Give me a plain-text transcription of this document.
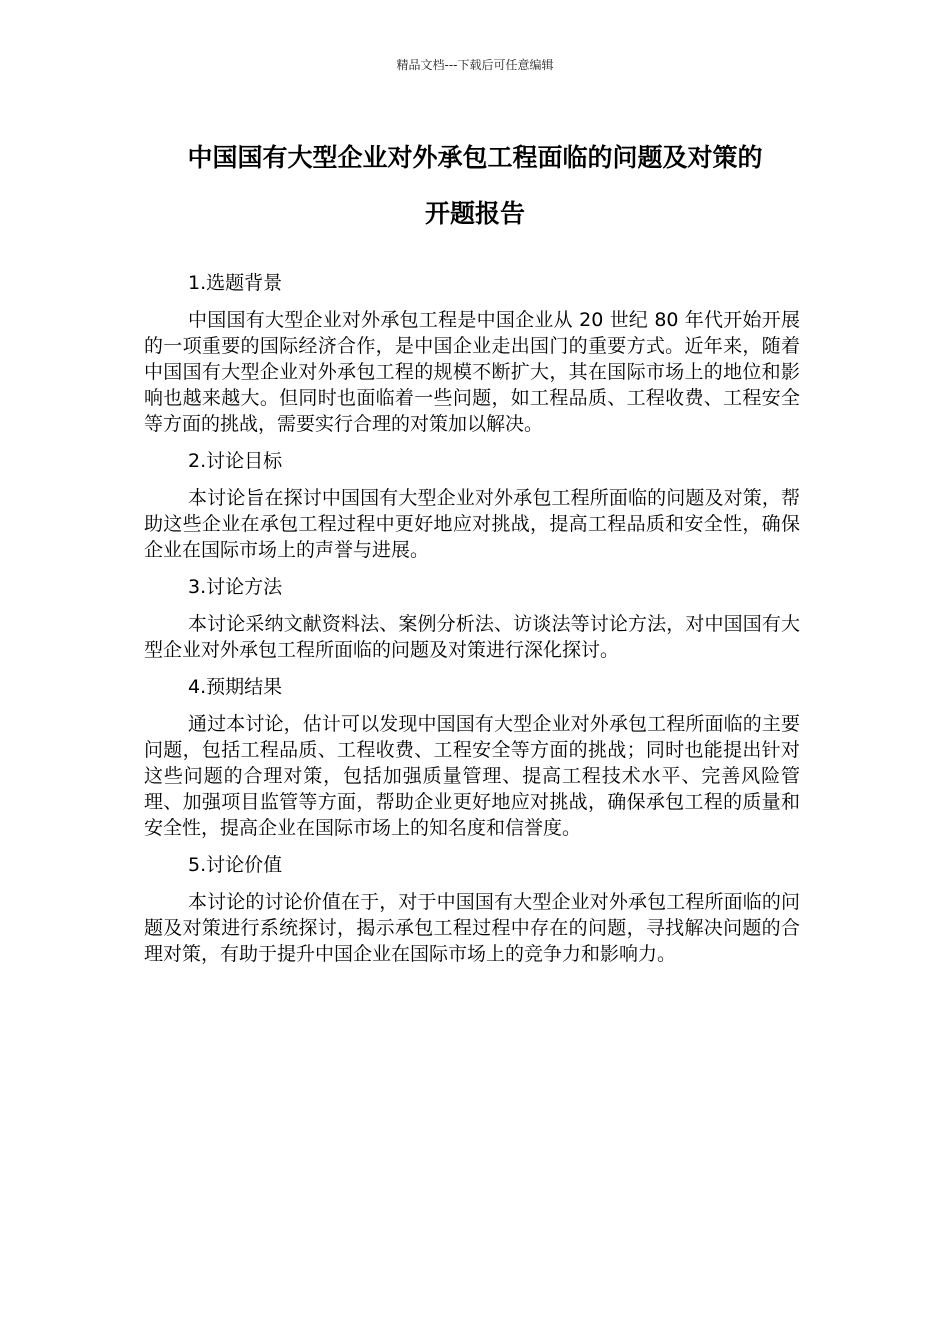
精品文档---下载后可任意编辑
中国国有大型企业对外承包工程面临的问题及对策的
开题报告
1.选题背景

中国国有大型企业对外承包工程是中国企业从 20 世纪 80 年代开始开展的一项重要的国际经济合作，是中国企业走出国门的重要方式。近年来，随着中国国有大型企业对外承包工程的规模不断扩大，其在国际市场上的地位和影响也越来越大。但同时也面临着一些问题，如工程品质、工程收费、工程安全等方面的挑战，需要实行合理的对策加以解决。

2.讨论目标

本讨论旨在探讨中国国有大型企业对外承包工程所面临的问题及对策，帮助这些企业在承包工程过程中更好地应对挑战，提高工程品质和安全性，确保企业在国际市场上的声誉与进展。

3.讨论方法

本讨论采纳文献资料法、案例分析法、访谈法等讨论方法，对中国国有大型企业对外承包工程所面临的问题及对策进行深化探讨。

4.预期结果

通过本讨论，估计可以发现中国国有大型企业对外承包工程所面临的主要问题，包括工程品质、工程收费、工程安全等方面的挑战；同时也能提出针对这些问题的合理对策，包括加强质量管理、提高工程技术水平、完善风险管理、加强项目监管等方面，帮助企业更好地应对挑战，确保承包工程的质量和安全性，提高企业在国际市场上的知名度和信誉度。

5.讨论价值

本讨论的讨论价值在于，对于中国国有大型企业对外承包工程所面临的问题及对策进行系统探讨，揭示承包工程过程中存在的问题，寻找解决问题的合理对策，有助于提升中国企业在国际市场上的竞争力和影响力。
